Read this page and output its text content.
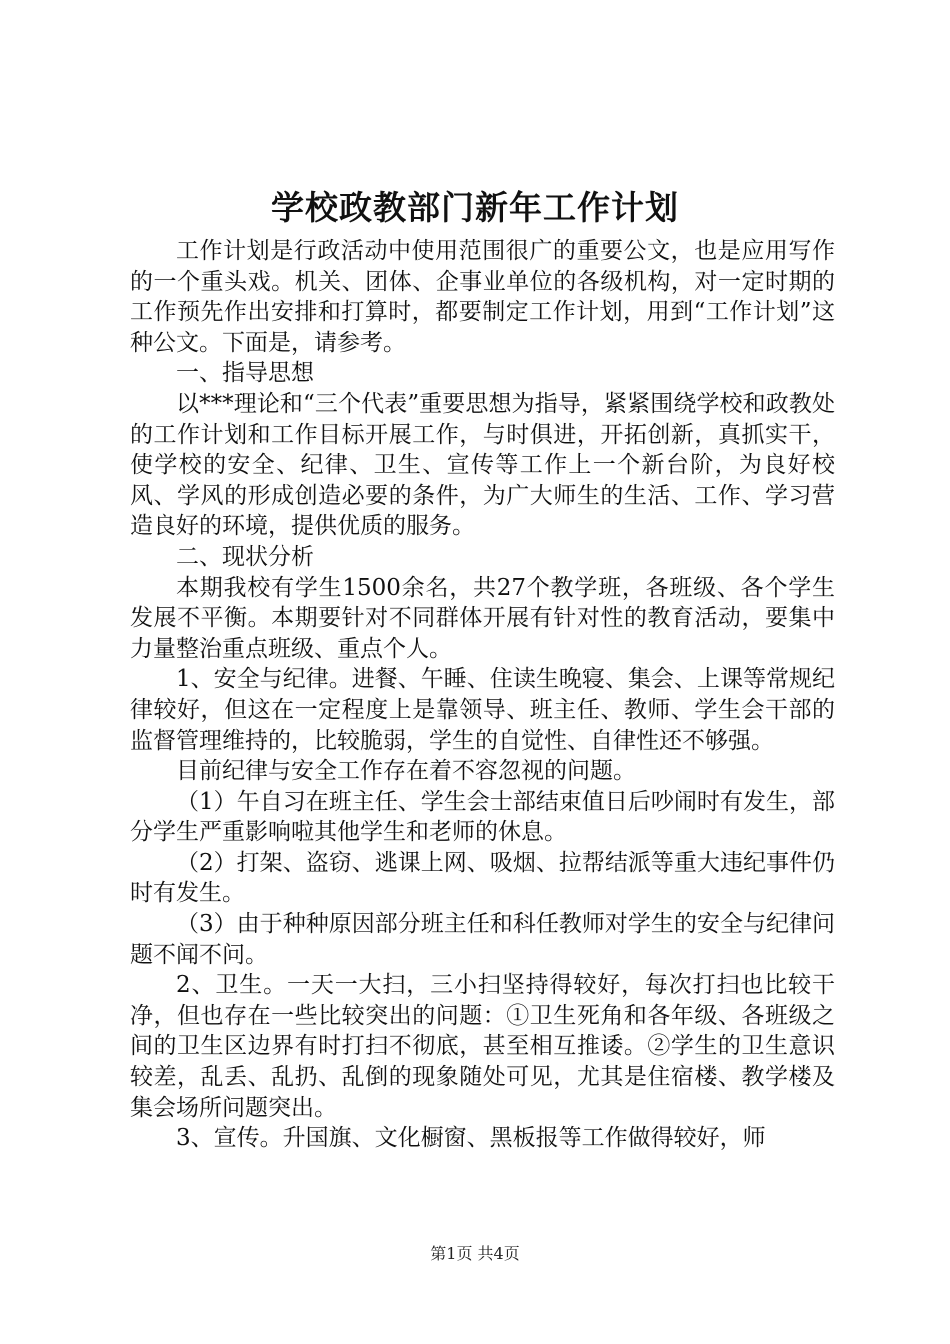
学校政教部门新年工作计划

工作计划是行政活动中使用范围很广的重要公文，也是应用写作的一个重头戏。机关、团体、企事业单位的各级机构，对一定时期的工作预先作出安排和打算时，都要制定工作计划，用到“工作计划”这种公文。下面是，请参考。

一、指导思想

以***理论和“三个代表”重要思想为指导，紧紧围绕学校和政教处的工作计划和工作目标开展工作，与时俱进，开拓创新，真抓实干，使学校的安全、纪律、卫生、宣传等工作上一个新台阶，为良好校风、学风的形成创造必要的条件，为广大师生的生活、工作、学习营造良好的环境，提供优质的服务。

二、现状分析

本期我校有学生1500余名，共27个教学班，各班级、各个学生发展不平衡。本期要针对不同群体开展有针对性的教育活动，要集中力量整治重点班级、重点个人。

1、安全与纪律。进餐、午睡、住读生晚寝、集会、上课等常规纪律较好，但这在一定程度上是靠领导、班主任、教师、学生会干部的监督管理维持的，比较脆弱，学生的自觉性、自律性还不够强。

目前纪律与安全工作存在着不容忽视的问题。

（1）午自习在班主任、学生会士部结束值日后吵闹时有发生，部分学生严重影响啦其他学生和老师的休息。

（2）打架、盗窃、逃课上网、吸烟、拉帮结派等重大违纪事件仍时有发生。

（3）由于种种原因部分班主任和科任教师对学生的安全与纪律问题不闻不问。

2、卫生。一天一大扫，三小扫坚持得较好，每次打扫也比较干净，但也存在一些比较突出的问题：①卫生死角和各年级、各班级之间的卫生区边界有时打扫不彻底，甚至相互推诿。②学生的卫生意识较差，乱丢、乱扔、乱倒的现象随处可见，尤其是住宿楼、教学楼及集会场所问题突出。

3、宣传。升国旗、文化橱窗、黑板报等工作做得较好，师

第1页 共4页
